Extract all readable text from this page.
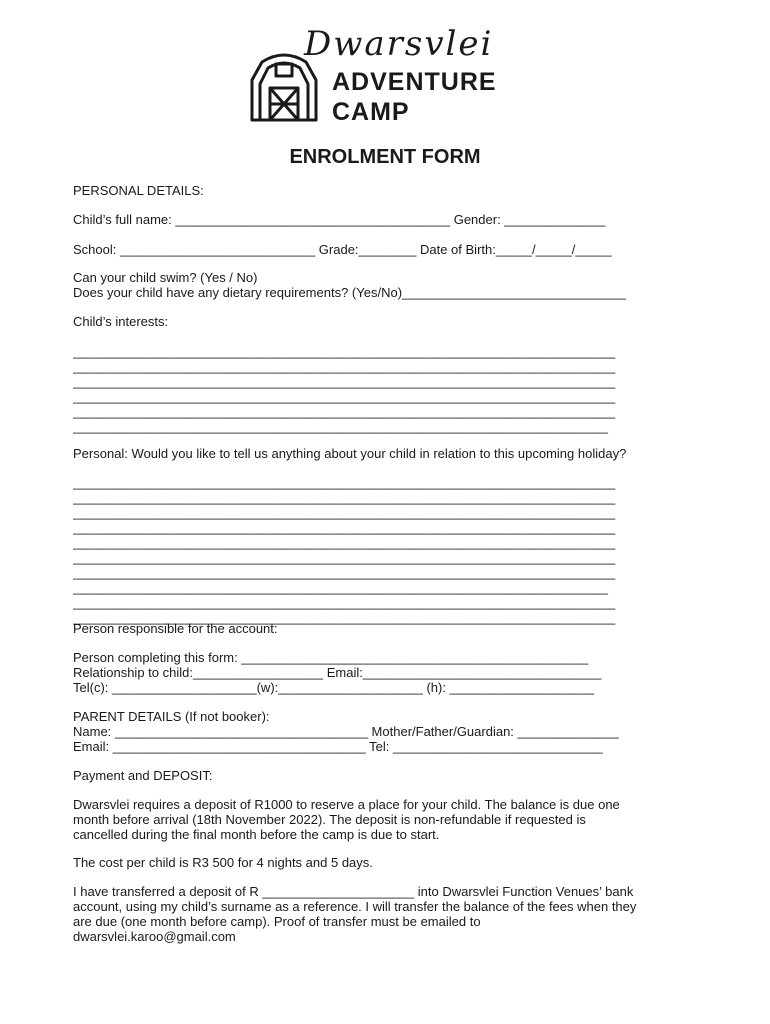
Dwarsvlei
ADVENTURE
CAMP
ENROLMENT FORM
PERSONAL DETAILS:
Child’s full name: ______________________________________ Gender: ______________
School: ___________________________ Grade:________ Date of Birth:_____/_____/_____
Can your child swim? (Yes / No)
Does your child have any dietary requirements? (Yes/No)_______________________________
Child’s interests:
___________________________________________________________________________
___________________________________________________________________________
___________________________________________________________________________
___________________________________________________________________________
___________________________________________________________________________
__________________________________________________________________________
Personal: Would you like to tell us anything about your child in relation to this upcoming holiday?
___________________________________________________________________________
___________________________________________________________________________
___________________________________________________________________________
___________________________________________________________________________
___________________________________________________________________________
___________________________________________________________________________
___________________________________________________________________________
__________________________________________________________________________
___________________________________________________________________________
___________________________________________________________________________
Person responsible for the account:
Person completing this form: ________________________________________________
Relationship to child:__________________ Email:_________________________________
Tel(c): ____________________(w):____________________ (h): ____________________
PARENT DETAILS (If not booker):
Name: ___________________________________ Mother/Father/Guardian: ______________
Email: ___________________________________ Tel: _____________________________
Payment and DEPOSIT:
Dwarsvlei requires a deposit of R1000 to reserve a place for your child. The balance is due one
month before arrival (18th November 2022). The deposit is non-refundable if requested is
cancelled during the final month before the camp is due to start.
The cost per child is R3 500 for 4 nights and 5 days.
I have transferred a deposit of R _____________________ into Dwarsvlei Function Venues’ bank
account, using my child’s surname as a reference. I will transfer the balance of the fees when they
are due (one month before camp). Proof of transfer must be emailed to
dwarsvlei.karoo@gmail.com
